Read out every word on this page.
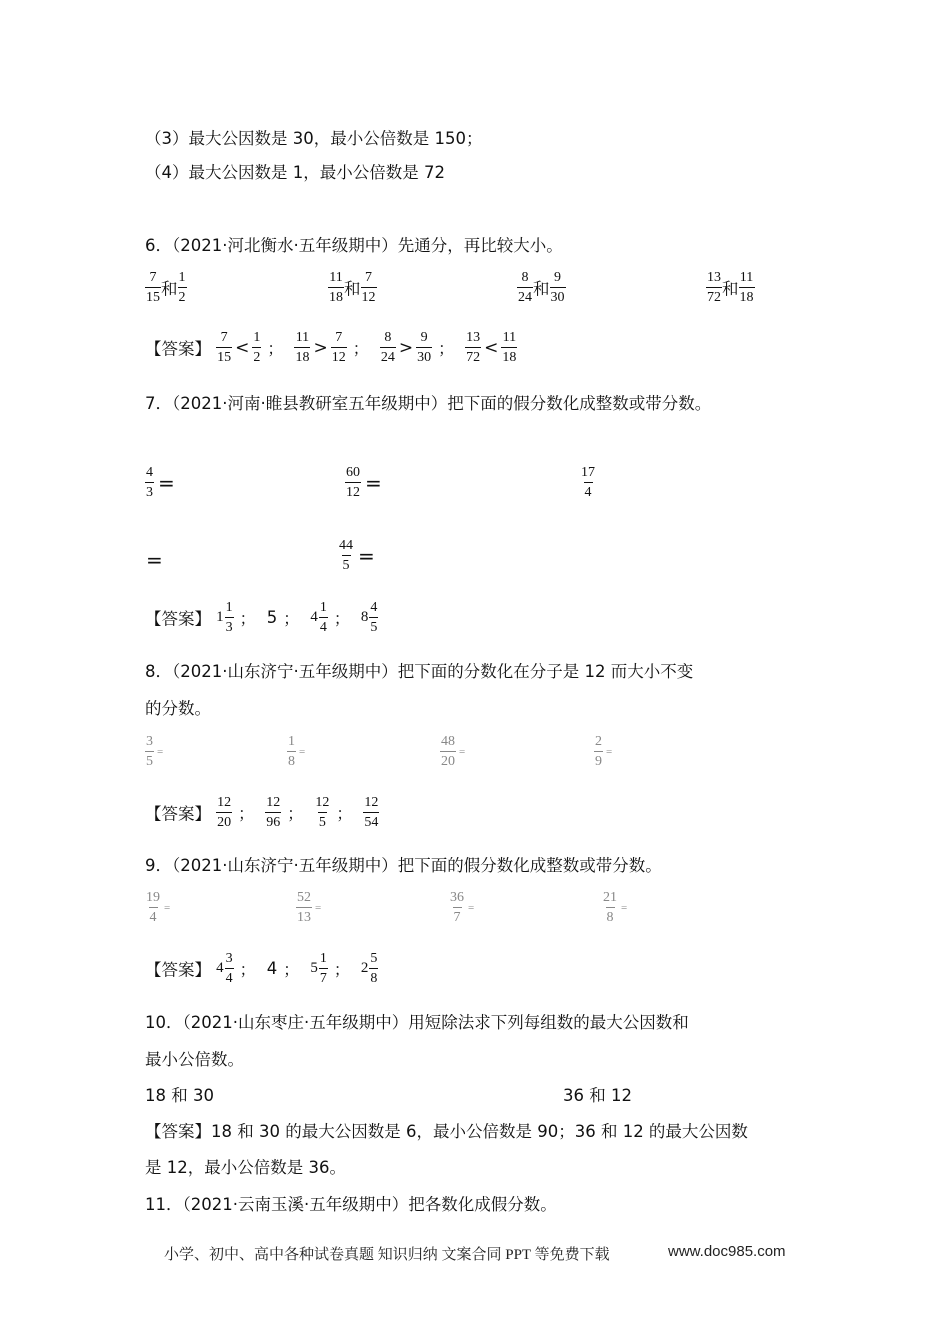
（3）最大公因数是 30，最小公倍数是 150；
（4）最大公因数是 1，最小公倍数是 72
6．（2021·河北衡水·五年级期中）先通分，再比较大小。
$\frac{7}{15}$ 和 $\frac{1}{2}$	$\frac{11}{18}$ 和 $\frac{7}{12}$	$\frac{8}{24}$ 和 $\frac{9}{30}$	$\frac{13}{72}$ 和 $\frac{11}{18}$
【答案】 $\frac{7}{15} < \frac{1}{2}$ ； $\frac{11}{18} > \frac{7}{12}$ ； $\frac{8}{24} > \frac{9}{30}$ ； $\frac{13}{72} < \frac{11}{18}$
7．（2021·河南·睢县教研室五年级期中）把下面的假分数化成整数或带分数。
$\frac{4}{3}$ =	$\frac{60}{12}$ =	$\frac{17}{4}$
=	$\frac{44}{5}$ =
【答案】 $1 \frac{1}{3}$ ； 5 ； $4 \frac{1}{4}$ ； $8 \frac{4}{5}$
8．（2021·山东济宁·五年级期中）把下面的分数化在分子是 12 而大小不变
的分数。
$\frac{3}{5}$ =	$\frac{1}{8}$ =	$\frac{48}{20}$ =	$\frac{2}{9}$ =
【答案】 $\frac{12}{20}$ ； $\frac{12}{96}$ ； $\frac{12}{5}$ ； $\frac{12}{54}$
9．（2021·山东济宁·五年级期中）把下面的假分数化成整数或带分数。
$\frac{19}{4}$ =	$\frac{52}{13}$ =	$\frac{36}{7}$ =	$\frac{21}{8}$ =
【答案】 $4 \frac{3}{4}$ ； 4 ； $5 \frac{1}{7}$ ； $2 \frac{5}{8}$
10．（2021·山东枣庄·五年级期中）用短除法求下列每组数的最大公因数和
最小公倍数。
18 和 30	36 和 12
【答案】18 和 30 的最大公因数是 6，最小公倍数是 90；36 和 12 的最大公因数
是 12，最小公倍数是 36。
11．（2021·云南玉溪·五年级期中）把各数化成假分数。
小学、初中、高中各种试卷真题 知识归纳 文案合同 PPT 等免费下载	www.doc985.com
